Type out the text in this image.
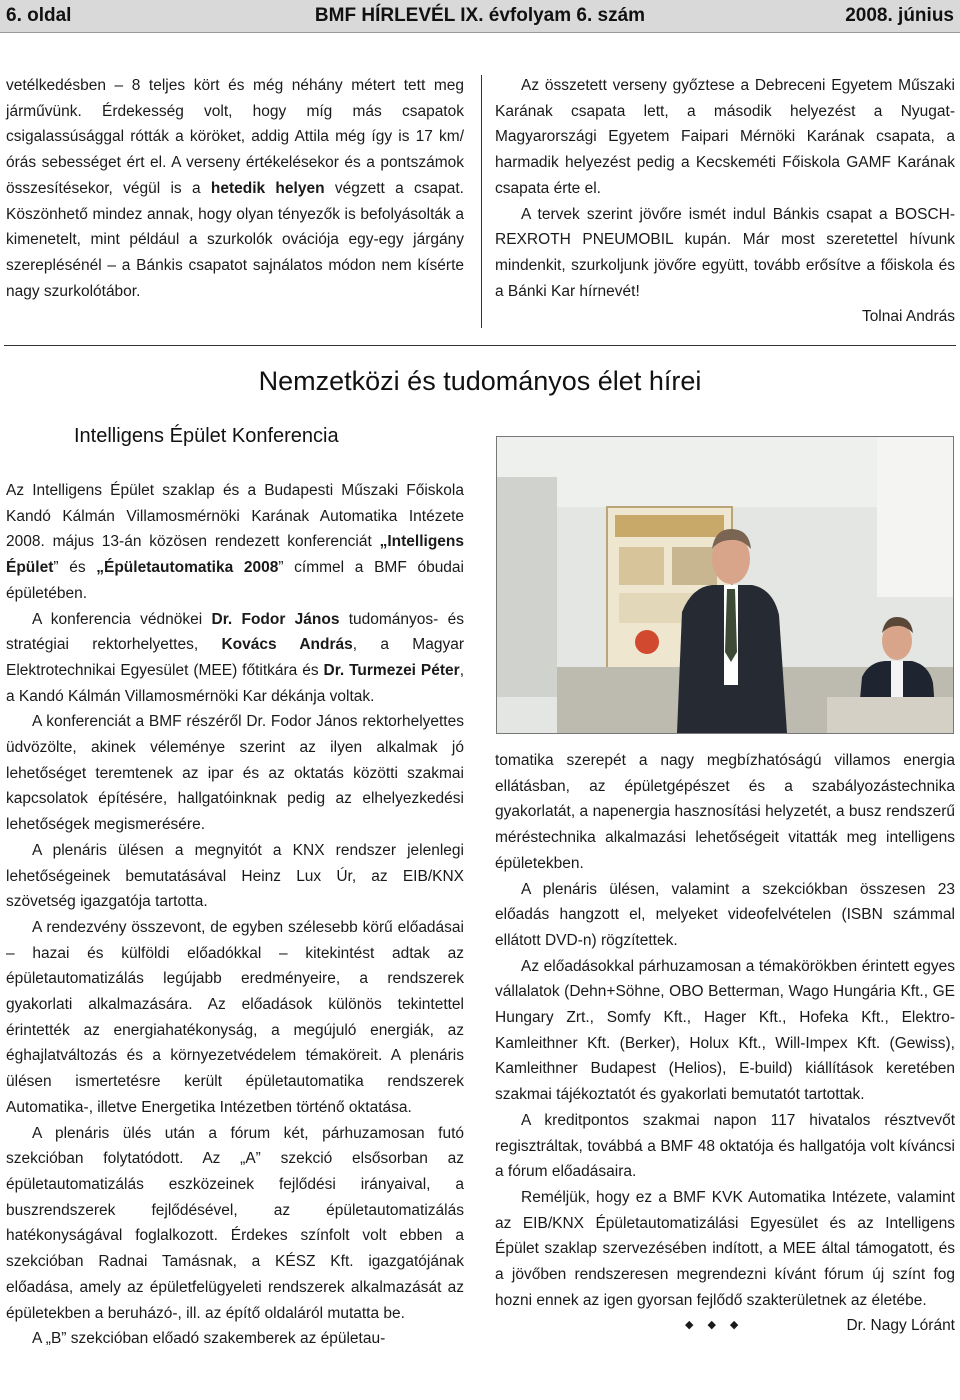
BMF HÍRLEVÉL IX. évfolyam 6. szám
6. oldal	2008. június

vetélkedésben – 8 teljes kört és még néhány métert tett meg járművünk. Érdekesség volt, hogy míg más csapatok csigalassúsággal rótták a köröket, addig Attila még így is 17 km/órás sebességet ért el. A verseny értékelésekor és a pontszámok összesítésekor, végül is a hetedik helyen végzett a csapat. Köszönhető mindez annak, hogy olyan tényezők is befolyásolták a kimenetelt, mint például a szurkolók ovációja egy-egy járgány szereplésénél – a Bánkis csapatot sajnálatos módon nem kísérte nagy szurkolótábor.

Az összetett verseny győztese a Debreceni Egyetem Műszaki Karának csapata lett, a második helyezést a Nyugat-Magyarországi Egyetem Faipari Mérnöki Karának csapata, a harmadik helyezést pedig a Kecskeméti Főiskola GAMF Karának csapata érte el.

A tervek szerint jövőre ismét indul Bánkis csapat a BOSCH-REXROTH PNEUMOBIL kupán. Már most szeretettel hívunk mindenkit, szurkoljunk jövőre együtt, tovább erősítve a főiskola és a Bánki Kar hírnevét!

Tolnai András

Nemzetközi és tudományos élet hírei
Intelligens Épület Konferencia

Az Intelligens Épület szaklap és a Budapesti Műszaki Főiskola Kandó Kálmán Villamosmérnöki Karának Automatika Intézete 2008. május 13-án közösen rendezett konferenciát „Intelligens Épület” és „Épületautomatika 2008” címmel a BMF óbudai épületében.

A konferencia védnökei Dr. Fodor János tudományos- és stratégiai rektorhelyettes, Kovács András, a Magyar Elektrotechnikai Egyesület (MEE) főtitkára és Dr. Turmezei Péter, a Kandó Kálmán Villamosmérnöki Kar dékánja voltak.

A konferenciát a BMF részéről Dr. Fodor János rektorhelyettes üdvözölte, akinek véleménye szerint az ilyen alkalmak jó lehetőséget teremtenek az ipar és az oktatás közötti szakmai kapcsolatok építésére, hallgatóinknak pedig az elhelyezkedési lehetőségek megismerésére.

A plenáris ülésen a megnyitót a KNX rendszer jelenlegi lehetőségeinek bemutatásával Heinz Lux Úr, az EIB/KNX szövetség igazgatója tartotta.

A rendezvény összevont, de egyben szélesebb körű előadásai – hazai és külföldi előadókkal – kitekintést adtak az épületautomatizálás legújabb eredményeire, a rendszerek gyakorlati alkalmazására. Az előadások különös tekintettel érintették az energiahatékonyság, a megújuló energiák, az éghajlatváltozás és a környezetvédelem témaköreit. A plenáris ülésen ismertetésre került épületautomatika rendszerek Automatika-, illetve Energetika Intézetben történő oktatása.

A plenáris ülés után a fórum két, párhuzamosan futó szekcióban folytatódott. Az „A” szekció elsősorban az épületautomatizálás eszközeinek fejlődési irányaival, a buszrendszerek fejlődésével, az épületautomatizálás hatékonyságával foglalkozott. Érdekes színfolt volt ebben a szekcióban Radnai Tamásnak, a KÉSZ Kft. igazgatójának előadása, amely az épületfelügyeleti rendszerek alkalmazását az épületekben a beruházó-, ill. az építő oldaláról mutatta be.

A „B” szekcióban előadó szakemberek az épületau-

tomatika szerepét a nagy megbízhatóságú villamos energia ellátásban, az épületgépészet és a szabályozástechnika gyakorlatát, a napenergia hasznosítási helyzetét, a busz rendszerű méréstechnika alkalmazási lehetőségeit vitatták meg intelligens épületekben.

A plenáris ülésen, valamint a szekciókban összesen 23 előadás hangzott el, melyeket videofelvételen (ISBN számmal ellátott DVD-n) rögzítettek.

Az előadásokkal párhuzamosan a témakörökben érintett egyes vállalatok (Dehn+Söhne, OBO Betterman, Wago Hungária Kft., GE Hungary Zrt., Somfy Kft., Hager Kft., Hofeka Kft., Elektro-Kamleithner Kft. (Berker), Holux Kft., Will-Impex Kft. (Gewiss), Kamleithner Budapest (Helios), E-build) kiállítások keretében szakmai tájékoztatót és gyakorlati bemutatót tartottak.

A kreditpontos szakmai napon 117 hivatalos résztvevőt regisztráltak, továbbá a BMF 48 oktatója és hallgatója volt kíváncsi a fórum előadásaira.

Reméljük, hogy ez a BMF KVK Automatika Intézete, valamint az EIB/KNX Épületautomatizálási Egyesület és az Intelligens Épület szaklap szervezésében indított, a MEE által támogatott, és a jövőben rendszeresen megrendezni kívánt fórum új színt fog hozni ennek az igen gyorsan fejlődő szakterületnek az életébe.

◆◆◆	Dr. Nagy Lóránt
